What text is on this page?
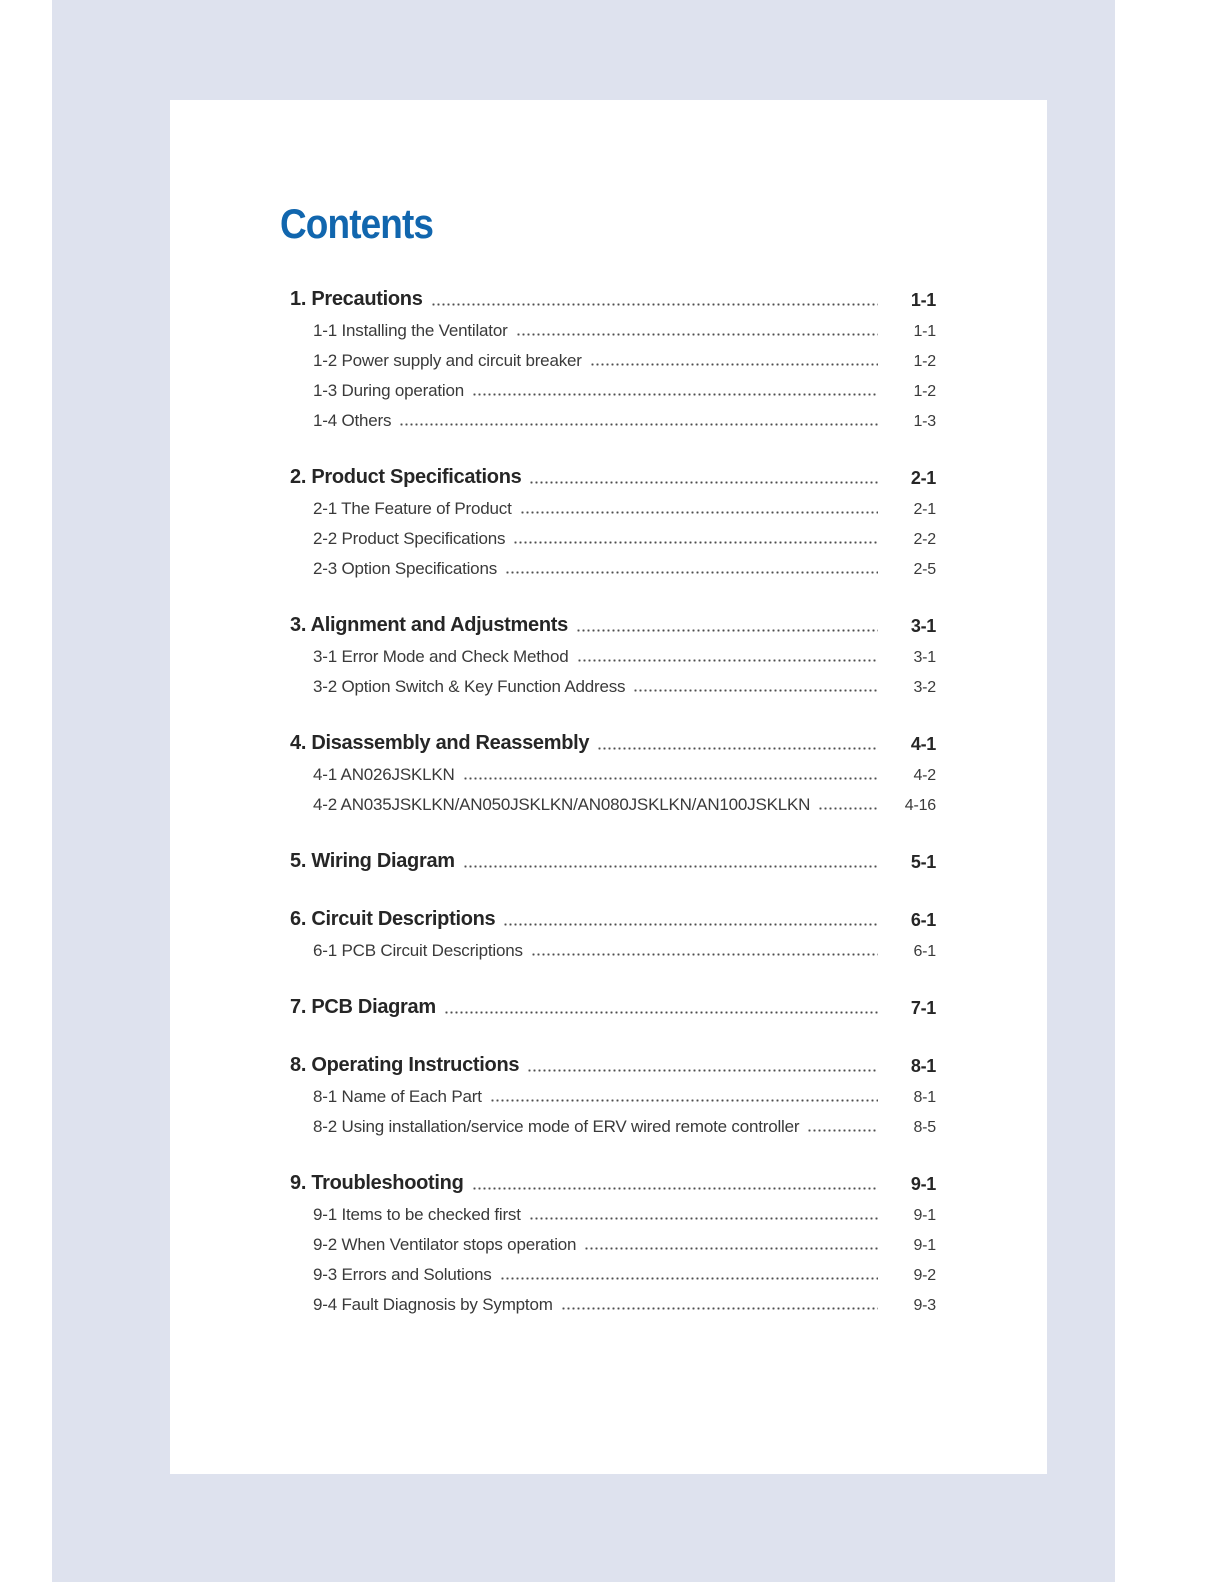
Contents
1. Precautions	1-1
1-1 Installing the Ventilator	1-1
1-2 Power supply and circuit breaker	1-2
1-3 During operation	1-2
1-4 Others	1-3
2. Product Specifications	2-1
2-1 The Feature of Product	2-1
2-2 Product Specifications	2-2
2-3 Option Specifications	2-5
3. Alignment and Adjustments	3-1
3-1 Error Mode and Check Method	3-1
3-2 Option Switch & Key Function Address	3-2
4. Disassembly and Reassembly	4-1
4-1 AN026JSKLKN	4-2
4-2 AN035JSKLKN/AN050JSKLKN/AN080JSKLKN/AN100JSKLKN	4-16
5. Wiring Diagram	5-1
6. Circuit Descriptions	6-1
6-1 PCB Circuit Descriptions	6-1
7. PCB Diagram	7-1
8. Operating Instructions	8-1
8-1 Name of Each Part	8-1
8-2 Using installation/service mode of ERV wired remote controller	8-5
9. Troubleshooting	9-1
9-1 Items to be checked first	9-1
9-2 When Ventilator stops operation	9-1
9-3 Errors and Solutions	9-2
9-4 Fault Diagnosis by Symptom	9-3
